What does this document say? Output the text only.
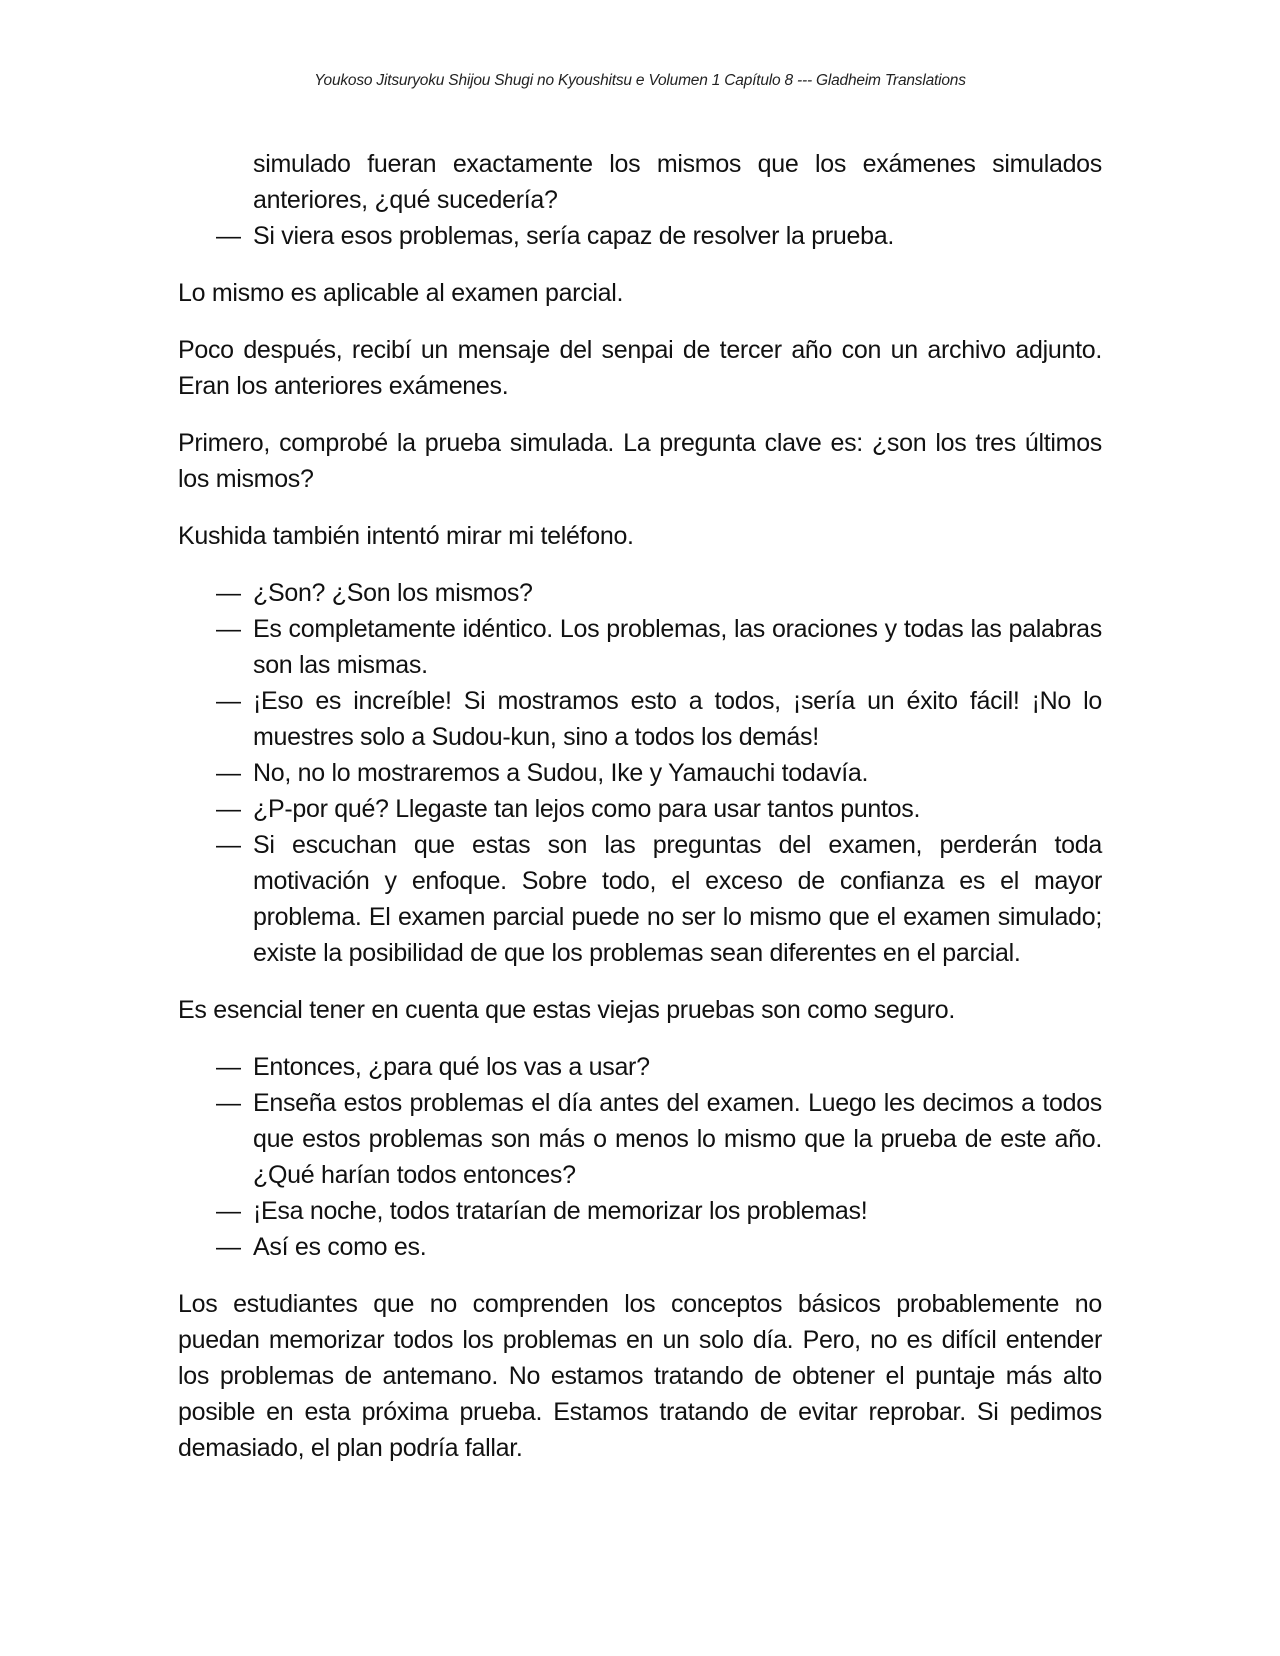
Youkoso Jitsuryoku Shijou Shugi no Kyoushitsu e Volumen 1 Capítulo 8 --- Gladheim Translations

simulado fueran exactamente los mismos que los exámenes simulados anteriores, ¿qué sucedería?

— Si viera esos problemas, sería capaz de resolver la prueba.

Lo mismo es aplicable al examen parcial.

Poco después, recibí un mensaje del senpai de tercer año con un archivo adjunto. Eran los anteriores exámenes.

Primero, comprobé la prueba simulada. La pregunta clave es: ¿son los tres últimos los mismos?

Kushida también intentó mirar mi teléfono.

— ¿Son? ¿Son los mismos?
— Es completamente idéntico. Los problemas, las oraciones y todas las palabras son las mismas.
— ¡Eso es increíble! Si mostramos esto a todos, ¡sería un éxito fácil! ¡No lo muestres solo a Sudou-kun, sino a todos los demás!
— No, no lo mostraremos a Sudou, Ike y Yamauchi todavía.
— ¿P-por qué? Llegaste tan lejos como para usar tantos puntos.
— Si escuchan que estas son las preguntas del examen, perderán toda motivación y enfoque. Sobre todo, el exceso de confianza es el mayor problema. El examen parcial puede no ser lo mismo que el examen simulado; existe la posibilidad de que los problemas sean diferentes en el parcial.

Es esencial tener en cuenta que estas viejas pruebas son como seguro.

— Entonces, ¿para qué los vas a usar?
— Enseña estos problemas el día antes del examen. Luego les decimos a todos que estos problemas son más o menos lo mismo que la prueba de este año. ¿Qué harían todos entonces?
— ¡Esa noche, todos tratarían de memorizar los problemas!
— Así es como es.

Los estudiantes que no comprenden los conceptos básicos probablemente no puedan memorizar todos los problemas en un solo día. Pero, no es difícil entender los problemas de antemano. No estamos tratando de obtener el puntaje más alto posible en esta próxima prueba. Estamos tratando de evitar reprobar. Si pedimos demasiado, el plan podría fallar.
